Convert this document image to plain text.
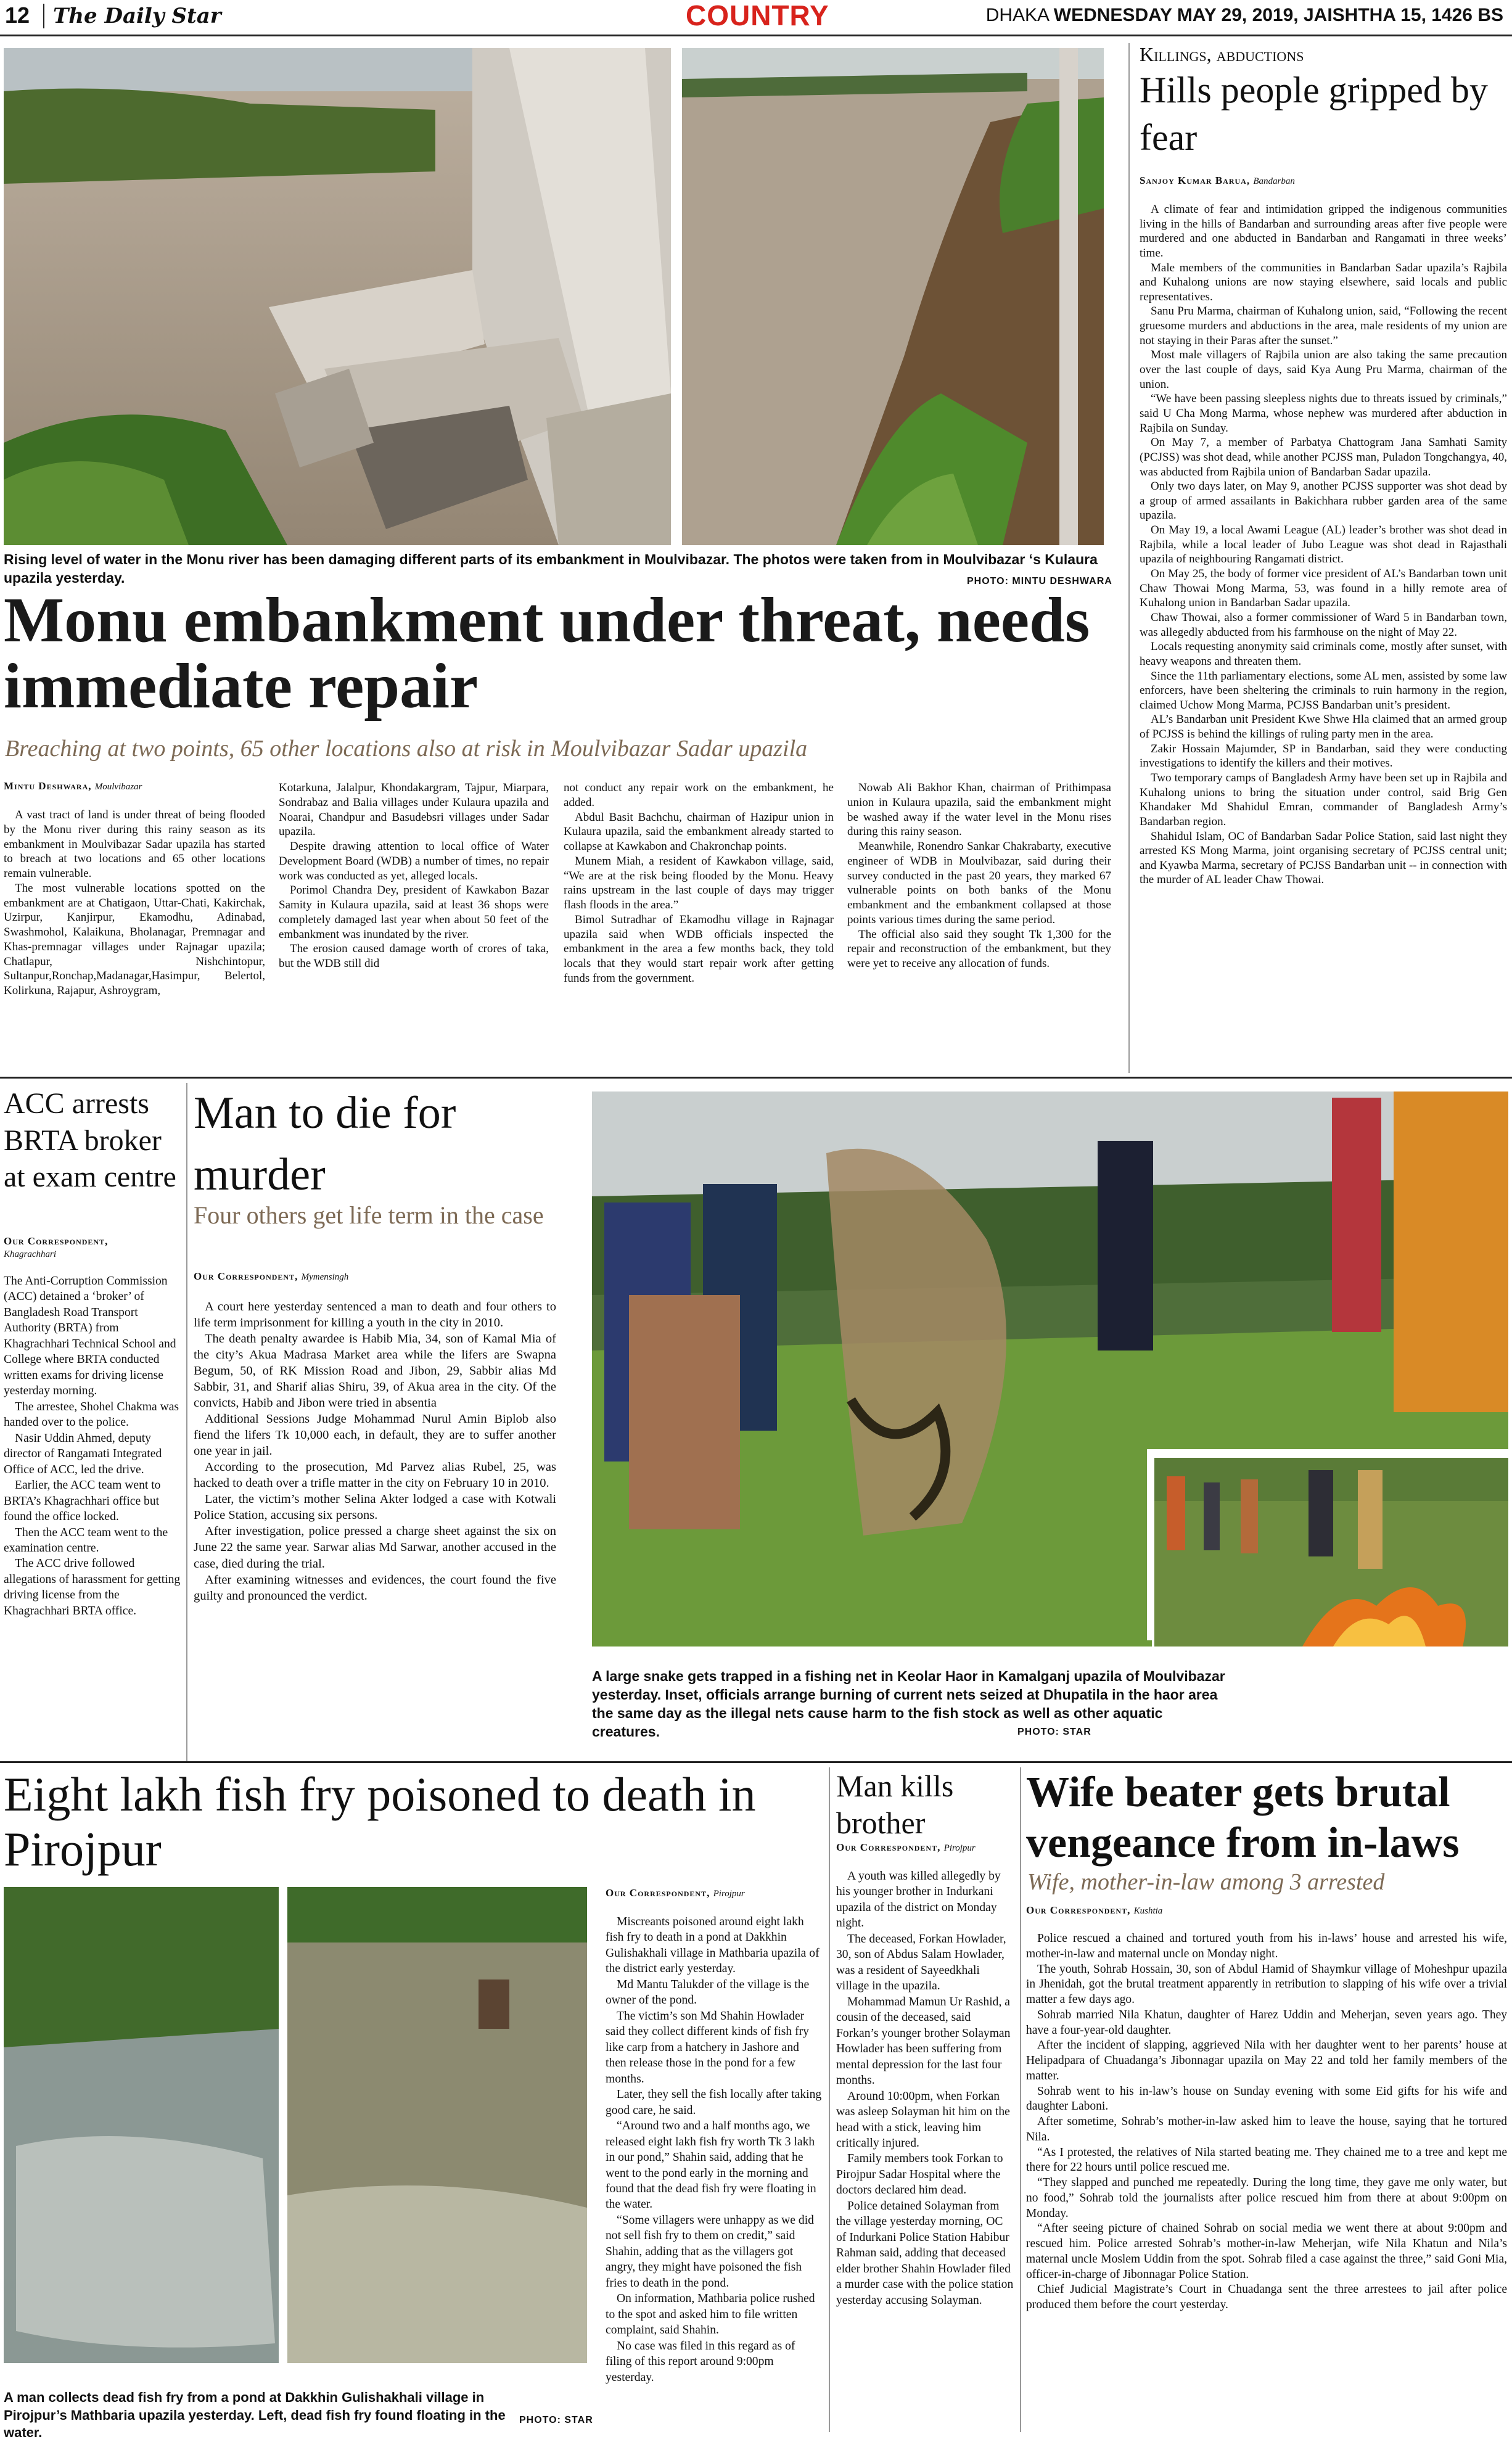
12	The Daily Star	COUNTRY	DHAKA WEDNESDAY MAY 29, 2019, JAISHTHA 15, 1426 BS
Rising level of water in the Monu river has been damaging different parts of its embankment in Moulvibazar. The photos were taken from in Moulvibazar ‘s Kulaura upazila yesterday.	PHOTO: MINTU DESHWARA
Monu embankment under threat, needs immediate repair
Breaching at two points, 65 other locations also at risk in Moulvibazar Sadar upazila
Mintu Deshwara, Moulvibazar

A vast tract of land is under threat of being flooded by the Monu river during this rainy season as its embankment in Moulvibazar Sadar upazila has started to breach at two locations and 65 other locations remain vulnerable.

The most vulnerable locations spotted on the embankment are at Chatigaon, Uttar-Chati, Kakirchak, Uzirpur, Kanjirpur, Ekamodhu, Adinabad, Swashmohol, Kalaikuna, Bholanagar, Premnagar and Khas-premnagar villages under Rajnagar upazila; Chatlapur, Nishchintopur, Sultanpur,Ronchap,Madanagar,Hasimpur, Belertol, Kolirkuna, Rajapur, Ashroygram,

Kotarkuna, Jalalpur, Khondakargram, Tajpur, Miarpara, Sondrabaz and Balia villages under Kulaura upazila and Noarai, Chandpur and Basudebsri villages under Sadar upazila.

Despite drawing attention to local office of Water Development Board (WDB) a number of times, no repair work was conducted as yet, alleged locals.

Porimol Chandra Dey, president of Kawkabon Bazar Samity in Kulaura upazila, said at least 36 shops were completely damaged last year when about 50 feet of the embankment was inundated by the river.

The erosion caused damage worth of crores of taka, but the WDB still did

not conduct any repair work on the embankment, he added.

Abdul Basit Bachchu, chairman of Hazipur union in Kulaura upazila, said the embankment already started to collapse at Kawkabon and Chakronchap points.

Munem Miah, a resident of Kawkabon village, said, “We are at the risk being flooded by the Monu. Heavy rains upstream in the last couple of days may trigger flash floods in the area.”

Bimol Sutradhar of Ekamodhu village in Rajnagar upazila said when WDB officials inspected the embankment in the area a few months back, they told locals that they would start repair work after getting funds from the government.

Nowab Ali Bakhor Khan, chairman of Prithimpasa union in Kulaura upazila, said the embankment might be washed away if the water level in the Monu rises during this rainy season.

Meanwhile, Ronendro Sankar Chakrabarty, executive engineer of WDB in Moulvibazar, said during their survey conducted in the past 20 years, they marked 67 vulnerable points on both banks of the Monu embankment and the embankment collapsed at those points various times during the same period.

The official also said they sought Tk 1,300 for the repair and reconstruction of the embankment, but they were yet to receive any allocation of funds.

Killings, abductions
Hills people gripped by fear
Sanjoy Kumar Barua, Bandarban

A climate of fear and intimidation gripped the indigenous communities living in the hills of Bandarban and surrounding areas after five people were murdered and one abducted in Bandarban and Rangamati in three weeks’ time.

Male members of the communities in Bandarban Sadar upazila’s Rajbila and Kuhalong unions are now staying elsewhere, said locals and public representatives.

Sanu Pru Marma, chairman of Kuhalong union, said, “Following the recent gruesome murders and abductions in the area, male residents of my union are not staying in their Paras after the sunset.”

Most male villagers of Rajbila union are also taking the same precaution over the last couple of days, said Kya Aung Pru Marma, chairman of the union.

“We have been passing sleepless nights due to threats issued by criminals,” said U Cha Mong Marma, whose nephew was murdered after abduction in Rajbila on Sunday.

On May 7, a member of Parbatya Chattogram Jana Samhati Samity (PCJSS) was shot dead, while another PCJSS man, Puladon Tongchangya, 40, was abducted from Rajbila union of Bandarban Sadar upazila.

Only two days later, on May 9, another PCJSS supporter was shot dead by a group of armed assailants in Bakichhara rubber garden area of the same upazila.

On May 19, a local Awami League (AL) leader’s brother was shot dead in Rajbila, while a local leader of Jubo League was shot dead in Rajasthali upazila of neighbouring Rangamati district.

On May 25, the body of former vice president of AL’s Bandarban town unit Chaw Thowai Mong Marma, 53, was found in a hilly remote area of Kuhalong union in Bandarban Sadar upazila.

Chaw Thowai, also a former commissioner of Ward 5 in Bandarban town, was allegedly abducted from his farmhouse on the night of May 22.

Locals requesting anonymity said criminals come, mostly after sunset, with heavy weapons and threaten them.

Since the 11th parliamentary elections, some AL men, assisted by some law enforcers, have been sheltering the criminals to ruin harmony in the region, claimed Uchow Mong Marma, PCJSS Bandarban unit’s president.

AL’s Bandarban unit President Kwe Shwe Hla claimed that an armed group of PCJSS is behind the killings of ruling party men in the area.

Zakir Hossain Majumder, SP in Bandarban, said they were conducting investigations to identify the killers and their motives.

Two temporary camps of Bangladesh Army have been set up in Rajbila and Kuhalong unions to bring the situation under control, said Brig Gen Khandaker Md Shahidul Emran, commander of Bangladesh Army’s Bandarban region.

Shahidul Islam, OC of Bandarban Sadar Police Station, said last night they arrested KS Mong Marma, joint organising secretary of PCJSS central unit; and Kyawba Marma, secretary of PCJSS Bandarban unit -- in connection with the murder of AL leader Chaw Thowai.

ACC arrests BRTA broker at exam centre
Our Correspondent,
Khagrachhari

The Anti-Corruption Commission (ACC) detained a ‘broker’ of Bangladesh Road Transport Authority (BRTA) from Khagrachhari Technical School and College where BRTA conducted written exams for driving license yesterday morning.

The arrestee, Shohel Chakma was handed over to the police.

Nasir Uddin Ahmed, deputy director of Rangamati Integrated Office of ACC, led the drive.

Earlier, the ACC team went to BRTA’s Khagrachhari office but found the office locked.

Then the ACC team went to the examination centre.

The ACC drive followed allegations of harassment for getting driving license from the Khagrachhari BRTA office.

Man to die for murder
Four others get life term in the case
Our Correspondent, Mymensingh

A court here yesterday sentenced a man to death and four others to life term imprisonment for killing a youth in the city in 2010.

The death penalty awardee is Habib Mia, 34, son of Kamal Mia of the city’s Akua Madrasa Market area while the lifers are Swapna Begum, 50, of RK Mission Road and Jibon, 29, Sabbir alias Md Sabbir, 31, and Sharif alias Shiru, 39, of Akua area in the city. Of the convicts, Habib and Jibon were tried in absentia

Additional Sessions Judge Mohammad Nurul Amin Biplob also fiend the lifers Tk 10,000 each, in default, they are to suffer another one year in jail.

According to the prosecution, Md Parvez alias Rubel, 25, was hacked to death over a trifle matter in the city on February 10 in 2010.

Later, the victim’s mother Selina Akter lodged a case with Kotwali Police Station, accusing six persons.

After investigation, police pressed a charge sheet against the six on June 22 the same year. Sarwar alias Md Sarwar, another accused in the case, died during the trial.

After examining witnesses and evidences, the court found the five guilty and pronounced the verdict.

A large snake gets trapped in a fishing net in Keolar Haor in Kamalganj upazila of Moulvibazar yesterday. Inset, officials arrange burning of current nets seized at Dhupatila in the haor area the same day as the illegal nets cause harm to the fish stock as well as other aquatic creatures.	PHOTO: STAR
Eight lakh fish fry poisoned to death in Pirojpur
A man collects dead fish fry from a pond at Dakkhin Gulishakhali village in Pirojpur’s Mathbaria upazila yesterday. Left, dead fish fry found floating in the water.
PHOTO: STAR
Our Correspondent, Pirojpur

Miscreants poisoned around eight lakh fish fry to death in a pond at Dakkhin Gulishakhali village in Mathbaria upazila of the district early yesterday.

Md Mantu Talukder of the village is the owner of the pond.

The victim’s son Md Shahin Howlader said they collect different kinds of fish fry like carp from a hatchery in Jashore and then release those in the pond for a few months.

Later, they sell the fish locally after taking good care, he said.

“Around two and a half months ago, we released eight lakh fish fry worth Tk 3 lakh in our pond,” Shahin said, adding that he went to the pond early in the morning and found that the dead fish fry were floating in the water.

“Some villagers were unhappy as we did not sell fish fry to them on credit,” said Shahin, adding that as the villagers got angry, they might have poisoned the fish fries to death in the pond.

On information, Mathbaria police rushed to the spot and asked him to file written complaint, said Shahin.

No case was filed in this regard as of filing of this report around 9:00pm yesterday.

Man kills brother
Our Correspondent, Pirojpur

A youth was killed allegedly by his younger brother in Indurkani upazila of the district on Monday night.

The deceased, Forkan Howlader, 30, son of Abdus Salam Howlader, was a resident of Sayeedkhali village in the upazila.

Mohammad Mamun Ur Rashid, a cousin of the deceased, said Forkan’s younger brother Solayman Howlader has been suffering from mental depression for the last four months.

Around 10:00pm, when Forkan was asleep Solayman hit him on the head with a stick, leaving him critically injured.

Family members took Forkan to Pirojpur Sadar Hospital where the doctors declared him dead.

Police detained Solayman from the village yesterday morning, OC of Indurkani Police Station Habibur Rahman said, adding that deceased elder brother Shahin Howlader filed a murder case with the police station yesterday accusing Solayman.

Wife beater gets brutal vengeance from in-laws
Wife, mother-in-law among 3 arrested
Our Correspondent, Kushtia

Police rescued a chained and tortured youth from his in-laws’ house and arrested his wife, mother-in-law and maternal uncle on Monday night.

The youth, Sohrab Hossain, 30, son of Abdul Hamid of Shaymkur village of Moheshpur upazila in Jhenidah, got the brutal treatment apparently in retribution to slapping of his wife over a trivial matter a few days ago.

Sohrab married Nila Khatun, daughter of Harez Uddin and Meherjan, seven years ago. They have a four-year-old daughter.

After the incident of slapping, aggrieved Nila with her daughter went to her parents’ house at Helipadpara of Chuadanga’s Jibonnagar upazila on May 22 and told her family members of the matter.

Sohrab went to his in-law’s house on Sunday evening with some Eid gifts for his wife and daughter Laboni.

After sometime, Sohrab’s mother-in-law asked him to leave the house, saying that he tortured Nila.

“As I protested, the relatives of Nila started beating me. They chained me to a tree and kept me there for 22 hours until police rescued me.

“They slapped and punched me repeatedly. During the long time, they gave me only water, but no food,” Sohrab told the journalists after police rescued him from there at about 9:00pm on Monday.

“After seeing picture of chained Sohrab on social media we went there at about 9:00pm and rescued him. Police arrested Sohrab’s mother-in-law Meherjan, wife Nila Khatun and Nila’s maternal uncle Moslem Uddin from the spot. Sohrab filed a case against the three,” said Goni Mia, officer-in-charge of Jibonnagar Police Station.

Chief Judicial Magistrate’s Court in Chuadanga sent the three arrestees to jail after police produced them before the court yesterday.
